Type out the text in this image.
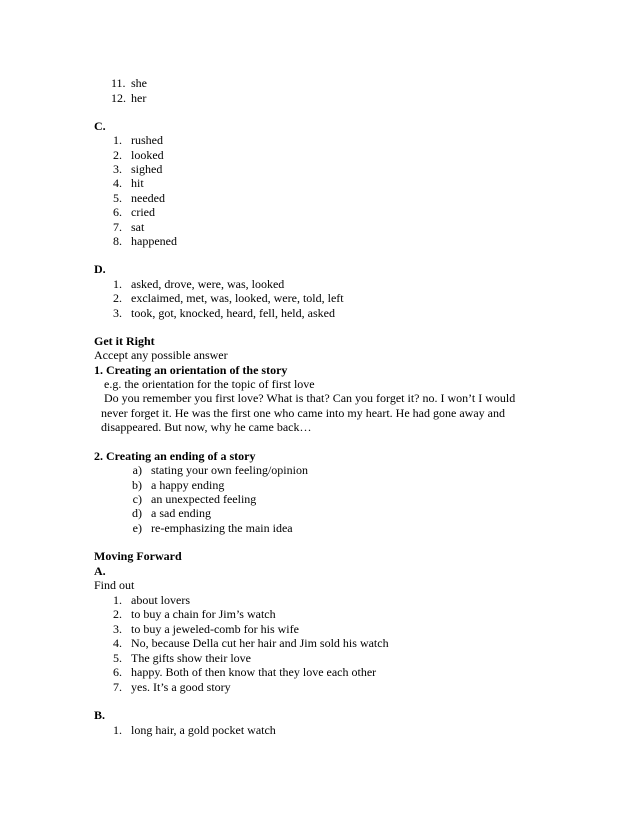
11. she
12. her
C.
1. rushed
2. looked
3. sighed
4. hit
5. needed
6. cried
7. sat
8. happened
D.
1. asked, drove, were, was, looked
2. exclaimed, met, was, looked, were, told, left
3. took, got, knocked, heard, fell, held, asked
Get it Right
Accept any possible answer
1. Creating an orientation of the story
e.g. the orientation for the topic of first love
Do you remember you first love? What is that? Can you forget it? no. I won’t I would
never forget it. He was the first one who came into my heart. He had gone away and
disappeared. But now, why he came back…
2. Creating an ending of a story
a) stating your own feeling/opinion
b) a happy ending
c) an unexpected feeling
d) a sad ending
e) re-emphasizing the main idea
Moving Forward
A.
Find out
1. about lovers
2. to buy a chain for Jim’s watch
3. to buy a jeweled-comb for his wife
4. No, because Della cut her hair and Jim sold his watch
5. The gifts show their love
6. happy. Both of then know that they love each other
7. yes. It’s a good story
B.
1. long hair, a gold pocket watch
